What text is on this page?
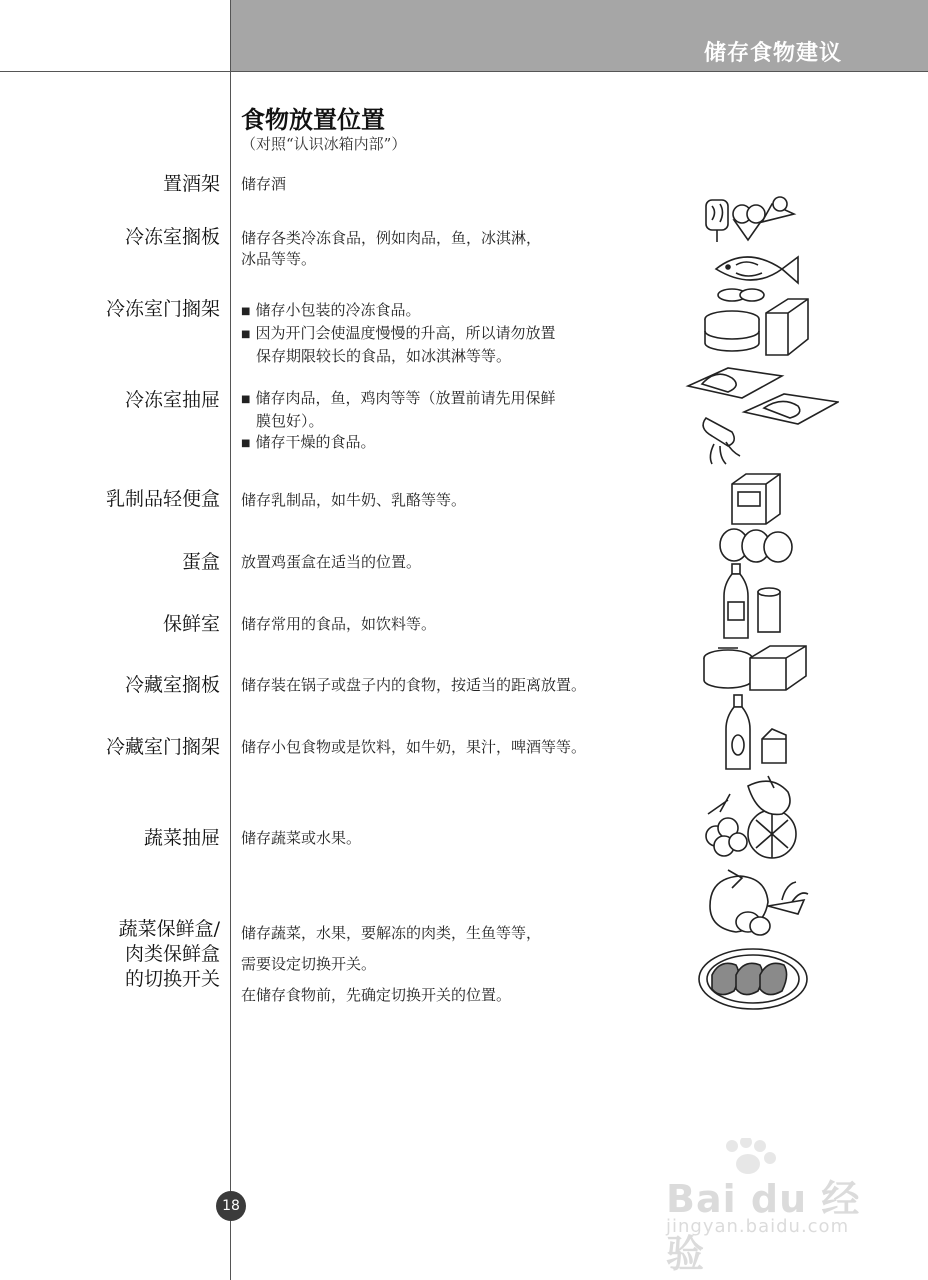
储存食物建议
食物放置位置
（对照“认识冰箱内部”）
置酒架 储存酒
冷冻室搁板 储存各类冷冻食品，例如肉品，鱼，冰淇淋，
冰品等等。
冷冻室门搁架	■ 储存小包装的冷冻食品。
■ 因为开门会使温度慢慢的升高，所以请勿放置
保存期限较长的食品，如冰淇淋等等。
冷冻室抽屉	■ 储存肉品，鱼，鸡肉等等（放置前请先用保鲜
膜包好）。
■ 储存干燥的食品。
乳制品轻便盒 储存乳制品，如牛奶、乳酪等等。
蛋盒 放置鸡蛋盒在适当的位置。
保鲜室 储存常用的食品，如饮料等。
冷藏室搁板 储存装在锅子或盘子内的食物，按适当的距离放置。
冷藏室门搁架 储存小包食物或是饮料，如牛奶，果汁，啤酒等等。
蔬菜抽屉 储存蔬菜或水果。
蔬菜保鲜盒/
肉类保鲜盒
的切换开关
储存蔬菜，水果，要解冻的肉类，生鱼等等，
需要设定切换开关。
在储存食物前，先确定切换开关的位置。
18	Bai du 经验
jingyan.baidu.com
